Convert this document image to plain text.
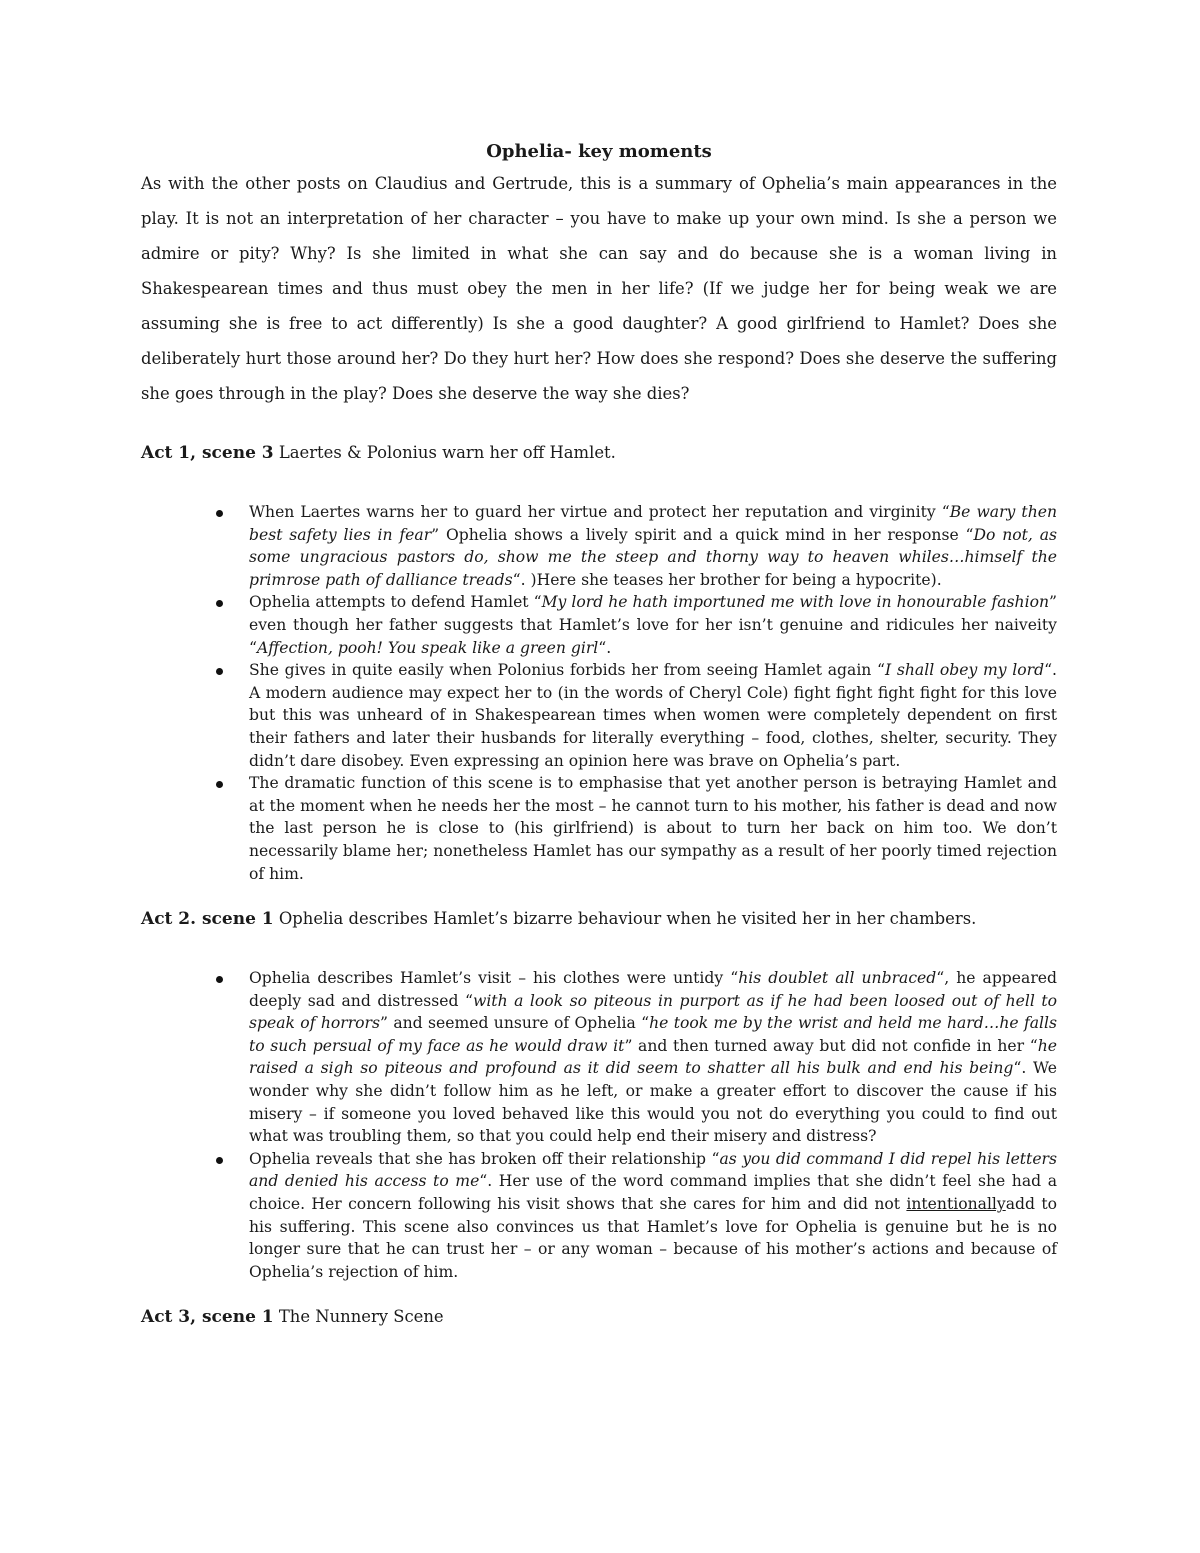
Ophelia- key moments

As with the other posts on Claudius and Gertrude, this is a summary of Ophelia’s main appearances in the play. It is not an interpretation of her character – you have to make up your own mind. Is she a person we admire or pity? Why? Is she limited in what she can say and do because she is a woman living in Shakespearean times and thus must obey the men in her life? (If we judge her for being weak we are assuming she is free to act differently) Is she a good daughter? A good girlfriend to Hamlet? Does she deliberately hurt those around her? Do they hurt her? How does she respond? Does she deserve the suffering she goes through in the play? Does she deserve the way she dies?

Act 1, scene 3 Laertes & Polonius warn her off Hamlet.

When Laertes warns her to guard her virtue and protect her reputation and virginity “Be wary then best safety lies in fear” Ophelia shows a lively spirit and a quick mind in her response “Do not, as some ungracious pastors do, show me the steep and thorny way to heaven whiles…himself the primrose path of dalliance treads“. )Here she teases her brother for being a hypocrite).
Ophelia attempts to defend Hamlet “My lord he hath importuned me with love in honourable fashion” even though her father suggests that Hamlet’s love for her isn’t genuine and ridicules her naiveity “Affection, pooh! You speak like a green girl“.
She gives in quite easily when Polonius forbids her from seeing Hamlet again “I shall obey my lord“. A modern audience may expect her to (in the words of Cheryl Cole) fight fight fight fight for this love but this was unheard of in Shakespearean times when women were completely dependent on first their fathers and later their husbands for literally everything – food, clothes, shelter, security. They didn’t dare disobey. Even expressing an opinion here was brave on Ophelia’s part.
The dramatic function of this scene is to emphasise that yet another person is betraying Hamlet and at the moment when he needs her the most – he cannot turn to his mother, his father is dead and now the last person he is close to (his girlfriend) is about to turn her back on him too. We don’t necessarily blame her; nonetheless Hamlet has our sympathy as a result of her poorly timed rejection of him.

Act 2. scene 1 Ophelia describes Hamlet’s bizarre behaviour when he visited her in her chambers.

Ophelia describes Hamlet’s visit – his clothes were untidy “his doublet all unbraced“, he appeared deeply sad and distressed “with a look so piteous in purport as if he had been loosed out of hell to speak of horrors” and seemed unsure of Ophelia “he took me by the wrist and held me hard…he falls to such persual of my face as he would draw it” and then turned away but did not confide in her “he raised a sigh so piteous and profound as it did seem to shatter all his bulk and end his being“. We wonder why she didn’t follow him as he left, or make a greater effort to discover the cause if his misery – if someone you loved behaved like this would you not do everything you could to find out what was troubling them, so that you could help end their misery and distress?
Ophelia reveals that she has broken off their relationship “as you did command I did repel his letters and denied his access to me“. Her use of the word command implies that she didn’t feel she had a choice. Her concern following his visit shows that she cares for him and did not intentionallyadd to his suffering. This scene also convinces us that Hamlet’s love for Ophelia is genuine but he is no longer sure that he can trust her – or any woman – because of his mother’s actions and because of Ophelia’s rejection of him.

Act 3, scene 1 The Nunnery Scene
